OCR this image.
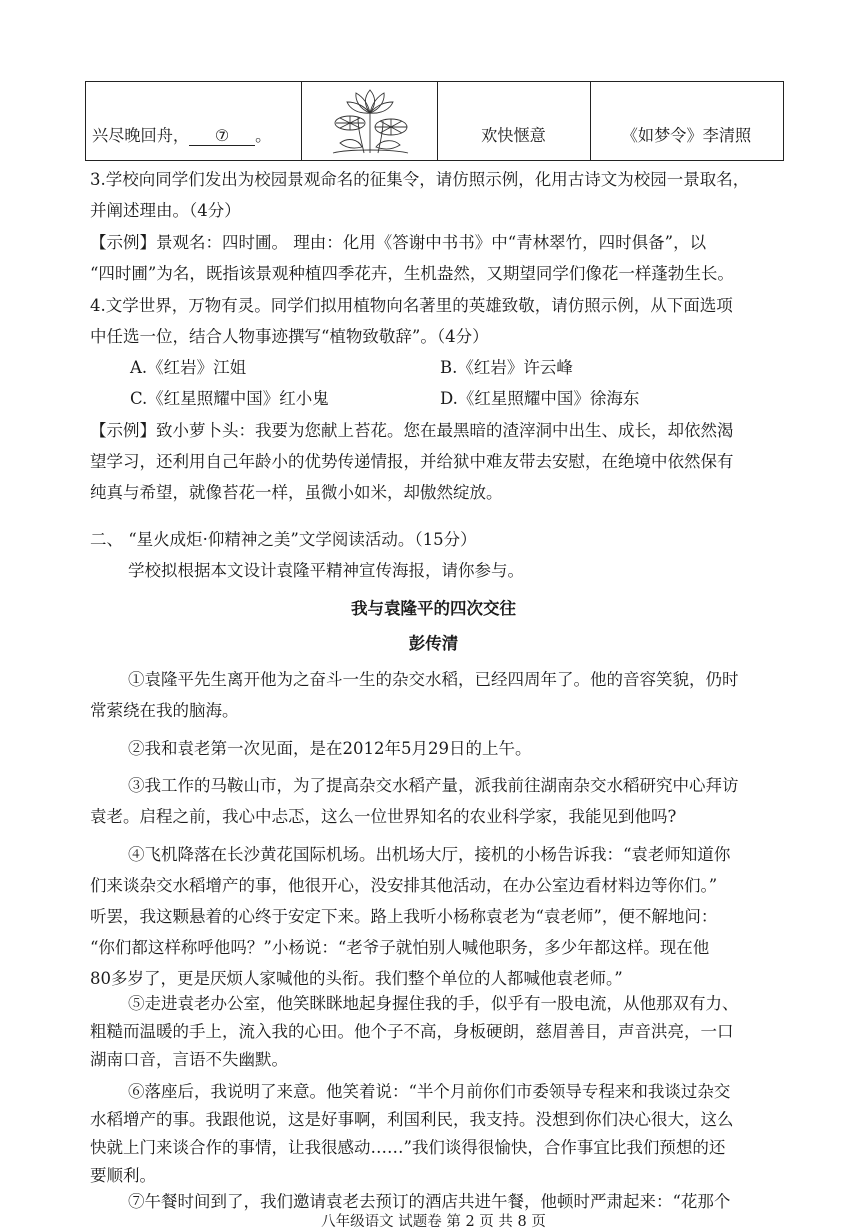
兴尽晚回舟， ⑦ 。	欢快惬意	《如梦令》李清照
3.学校向同学们发出为校园景观命名的征集令，请仿照示例，化用古诗文为校园一景取名，
并阐述理由。（4分）
【示例】景观名：四时圃。 理由：化用《答谢中书书》中“青林翠竹，四时俱备”，以
“四时圃”为名，既指该景观种植四季花卉，生机盎然，又期望同学们像花一样蓬勃生长。
4.文学世界，万物有灵。同学们拟用植物向名著里的英雄致敬，请仿照示例，从下面选项
中任选一位，结合人物事迹撰写“植物致敬辞”。（4分）
A.《红岩》江姐	B.《红岩》许云峰
C.《红星照耀中国》红小鬼	D.《红星照耀中国》徐海东
【示例】致小萝卜头：我要为您献上苔花。您在最黑暗的渣滓洞中出生、成长，却依然渴
望学习，还利用自己年龄小的优势传递情报，并给狱中难友带去安慰，在绝境中依然保有
纯真与希望，就像苔花一样，虽微小如米，却傲然绽放。
二、 “星火成炬·仰精神之美”文学阅读活动。（15分）
学校拟根据本文设计袁隆平精神宣传海报，请你参与。
我与袁隆平的四次交往
彭传清
①袁隆平先生离开他为之奋斗一生的杂交水稻，已经四周年了。他的音容笑貌，仍时
常萦绕在我的脑海。
②我和袁老第一次见面，是在2012年5月29日的上午。
③我工作的马鞍山市，为了提高杂交水稻产量，派我前往湖南杂交水稻研究中心拜访
袁老。启程之前，我心中忐忑，这么一位世界知名的农业科学家，我能见到他吗?
④飞机降落在长沙黄花国际机场。出机场大厅，接机的小杨告诉我：“袁老师知道你
们来谈杂交水稻增产的事，他很开心，没安排其他活动，在办公室边看材料边等你们。”
听罢，我这颗悬着的心终于安定下来。路上我听小杨称袁老为“袁老师”，便不解地问：
“你们都这样称呼他吗？”小杨说：“老爷子就怕别人喊他职务，多少年都这样。现在他
80多岁了，更是厌烦人家喊他的头衔。我们整个单位的人都喊他袁老师。”
⑤走进袁老办公室，他笑眯眯地起身握住我的手，似乎有一股电流，从他那双有力、
粗糙而温暖的手上，流入我的心田。他个子不高，身板硬朗，慈眉善目，声音洪亮，一口
湖南口音，言语不失幽默。
⑥落座后，我说明了来意。他笑着说：“半个月前你们市委领导专程来和我谈过杂交
水稻增产的事。我跟他说，这是好事啊，利国利民，我支持。没想到你们决心很大，这么
快就上门来谈合作的事情，让我很感动……”我们谈得很愉快，合作事宜比我们预想的还
要顺利。
⑦午餐时间到了，我们邀请袁老去预订的酒店共进午餐，他顿时严肃起来：“花那个
八年级语文 试题卷 第 2 页 共 8 页
